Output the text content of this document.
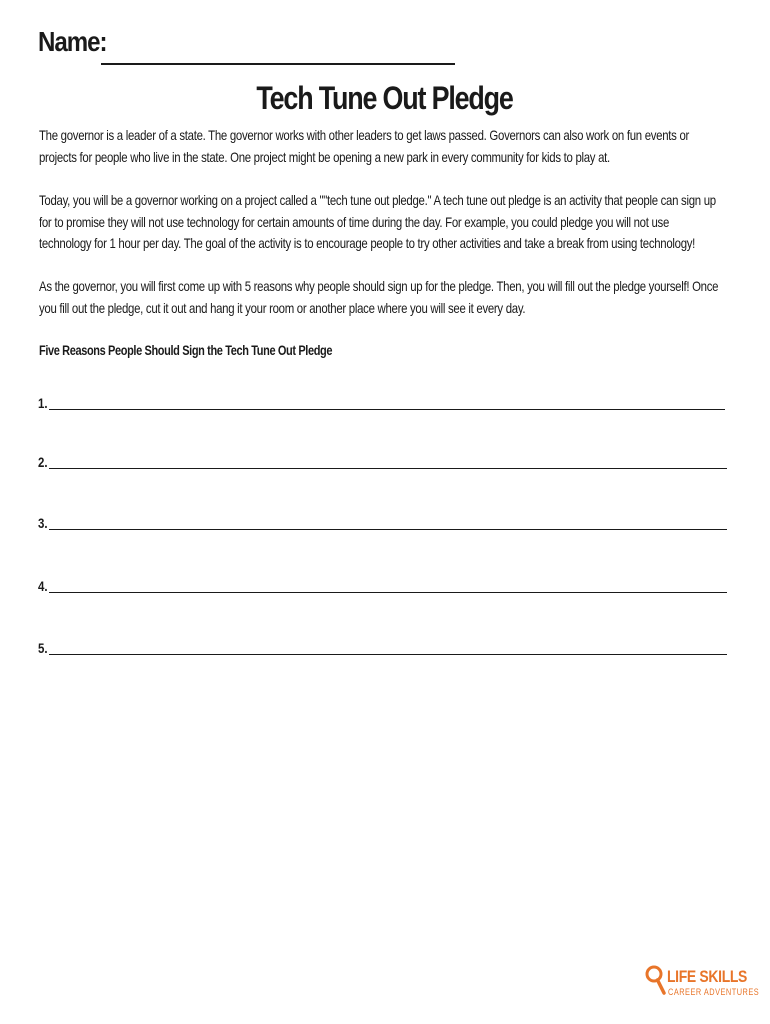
Name:
Tech Tune Out Pledge

The governor is a leader of a state. The governor works with other leaders to get laws passed. Governors can also work on fun events or projects for people who live in the state. One project might be opening a new park in every community for kids to play at.

Today, you will be a governor working on a project called a ""tech tune out pledge." A tech tune out pledge is an activity that people can sign up for to promise they will not use technology for certain amounts of time during the day. For example, you could pledge you will not use technology for 1 hour per day. The goal of the activity is to encourage people to try other activities and take a break from using technology!

As the governor, you will first come up with 5 reasons why people should sign up for the pledge. Then, you will fill out the pledge yourself! Once you fill out the pledge, cut it out and hang it your room or another place where you will see it every day.

Five Reasons People Should Sign the Tech Tune Out Pledge
1.
2.
3.
4.
5.
LIFE SKILLS
CAREER ADVENTURES
